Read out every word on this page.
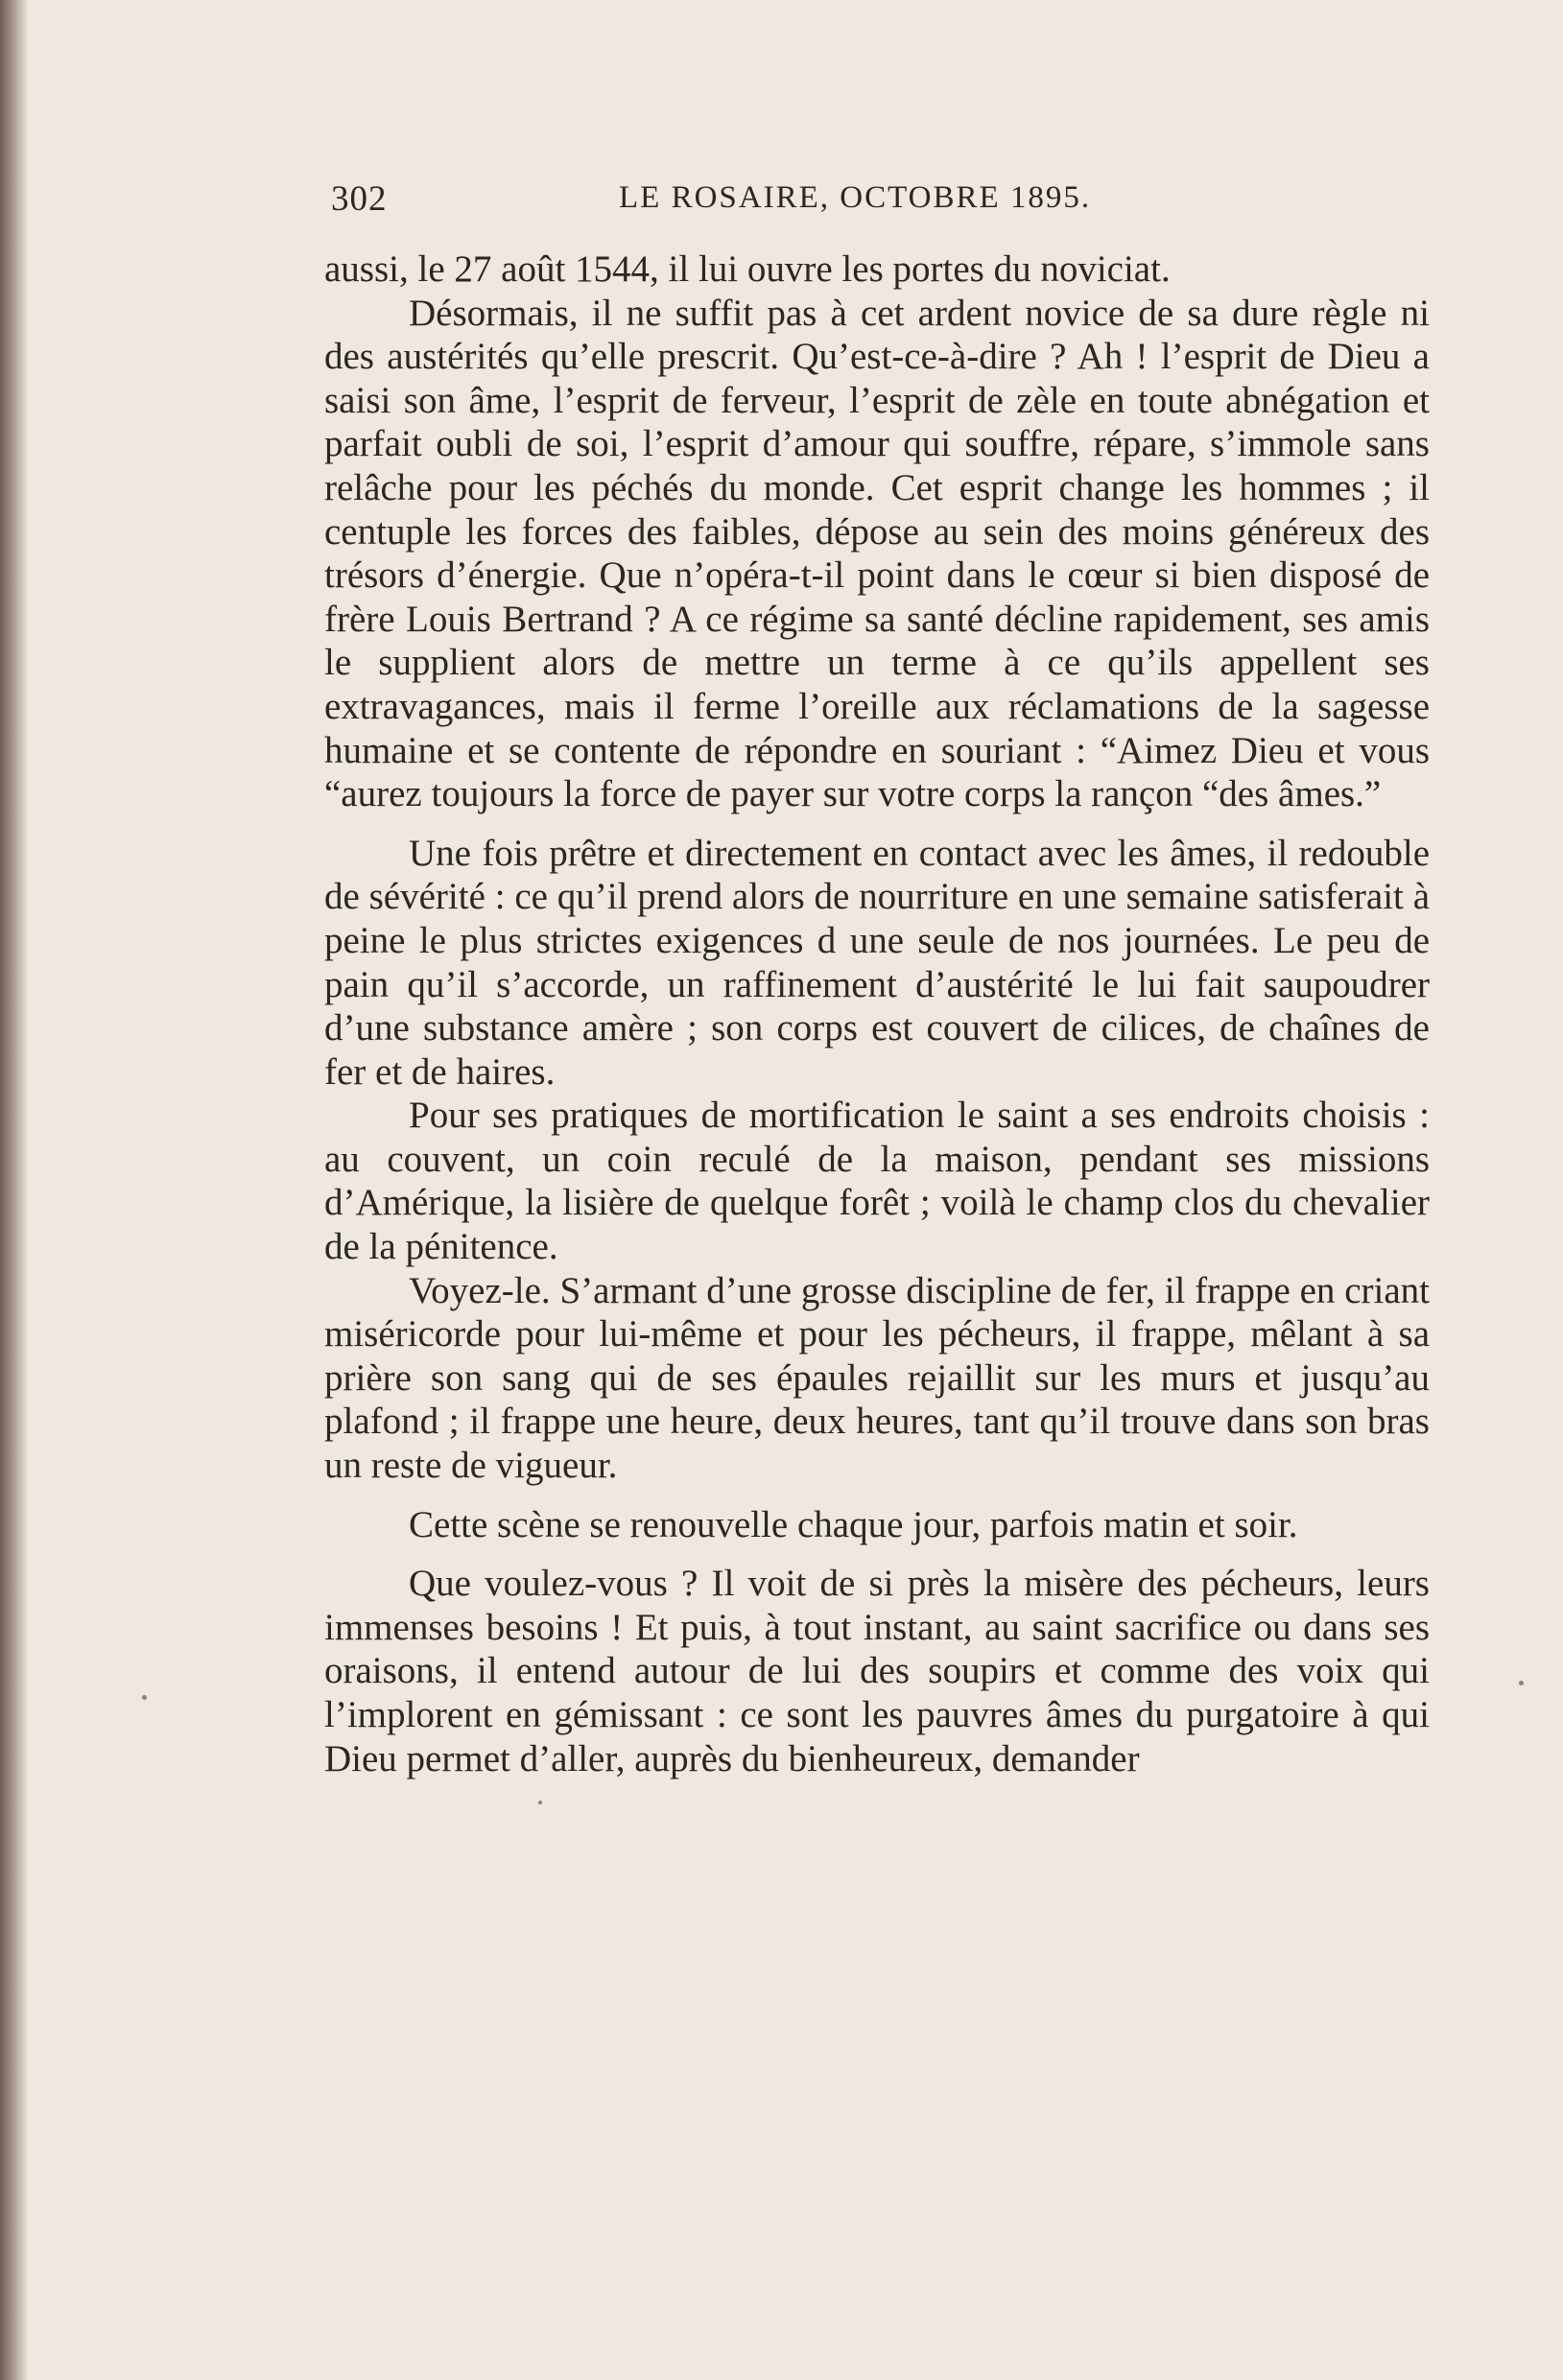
302	LE ROSAIRE, OCTOBRE 1895.

aussi, le 27 août 1544, il lui ouvre les portes du noviciat.

Désormais, il ne suffit pas à cet ardent novice de sa dure règle ni des austérités qu’elle prescrit. Qu’est-ce-à-dire ? Ah ! l’esprit de Dieu a saisi son âme, l’esprit de ferveur, l’esprit de zèle en toute abnégation et parfait oubli de soi, l’esprit d’amour qui souffre, répare, s’immole sans relâche pour les péchés du monde. Cet esprit change les hommes ; il centuple les forces des faibles, dépose au sein des moins généreux des trésors d’énergie. Que n’opéra-t-il point dans le cœur si bien disposé de frère Louis Bertrand ? A ce régime sa santé décline rapidement, ses amis le supplient alors de mettre un terme à ce qu’ils appellent ses extravagances, mais il ferme l’oreille aux réclamations de la sagesse humaine et se contente de répondre en souriant : “Aimez Dieu et vous “aurez toujours la force de payer sur votre corps la rançon “des âmes.”

Une fois prêtre et directement en contact avec les âmes, il redouble de sévérité : ce qu’il prend alors de nourriture en une semaine satisferait à peine le plus strictes exigences d une seule de nos journées. Le peu de pain qu’il s’accorde, un raffinement d’austérité le lui fait saupoudrer d’une substance amère ; son corps est couvert de cilices, de chaînes de fer et de haires.

Pour ses pratiques de mortification le saint a ses endroits choisis : au couvent, un coin reculé de la maison, pendant ses missions d’Amérique, la lisière de quelque forêt ; voilà le champ clos du chevalier de la pénitence.

Voyez-le. S’armant d’une grosse discipline de fer, il frappe en criant miséricorde pour lui-même et pour les pécheurs, il frappe, mêlant à sa prière son sang qui de ses épaules rejaillit sur les murs et jusqu’au plafond ; il frappe une heure, deux heures, tant qu’il trouve dans son bras un reste de vigueur.

Cette scène se renouvelle chaque jour, parfois matin et soir.

Que voulez-vous ? Il voit de si près la misère des pécheurs, leurs immenses besoins ! Et puis, à tout instant, au saint sacrifice ou dans ses oraisons, il entend autour de lui des soupirs et comme des voix qui l’implorent en gémissant : ce sont les pauvres âmes du purgatoire à qui Dieu permet d’aller, auprès du bienheureux, demander
